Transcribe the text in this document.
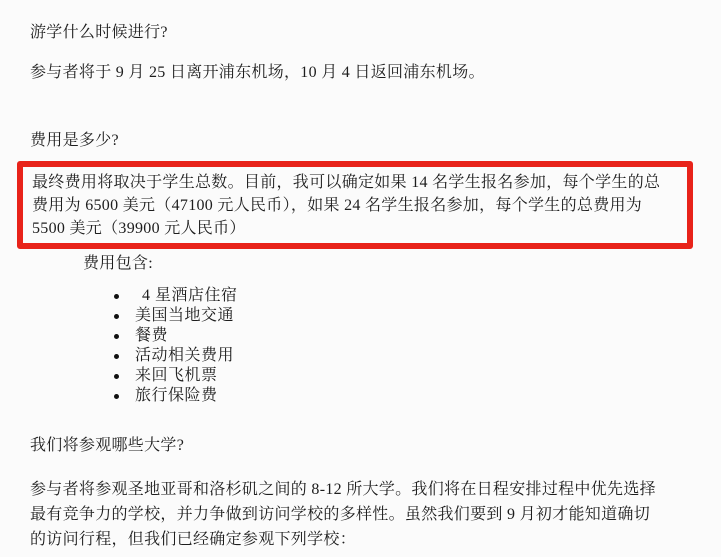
游学什么时候进行?

参与者将于 9 月 25 日离开浦东机场，10 月 4 日返回浦东机场。

费用是多少?

最终费用将取决于学生总数。目前，我可以确定如果 14 名学生报名参加，每个学生的总
费用为 6500 美元（47100 元人民币），如果 24 名学生报名参加，每个学生的总费用为
5500 美元（39900 元人民币）

费用包含:

4 星酒店住宿
美国当地交通
餐费
活动相关费用
来回飞机票
旅行保险费

我们将参观哪些大学?

参与者将参观圣地亚哥和洛杉矶之间的 8-12 所大学。我们将在日程安排过程中优先选择
最有竞争力的学校，并力争做到访问学校的多样性。虽然我们要到 9 月初才能知道确切
的访问行程，但我们已经确定参观下列学校：
